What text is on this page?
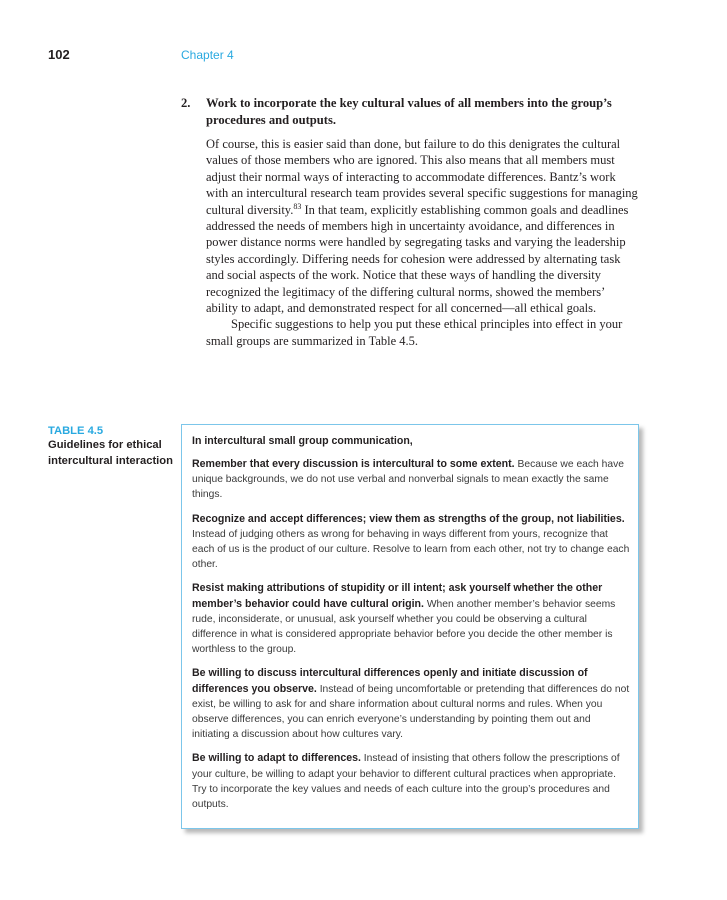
102	Chapter 4
2.	Work to incorporate the key cultural values of all members into the group’s procedures and outputs.

Of course, this is easier said than done, but failure to do this denigrates the cultural values of those members who are ignored. This also means that all members must adjust their normal ways of interacting to accommodate differences. Bantz’s work with an intercultural research team provides several specific suggestions for managing cultural diversity.$^{83}$ In that team, explicitly establishing common goals and deadlines addressed the needs of members high in uncertainty avoidance, and differences in power distance norms were handled by segregating tasks and varying the leadership styles accordingly. Differing needs for cohesion were addressed by alternating task and social aspects of the work. Notice that these ways of handling the diversity recognized the legitimacy of the differing cultural norms, showed the members’ ability to adapt, and demonstrated respect for all concerned—all ethical goals.

Specific suggestions to help you put these ethical principles into effect in your small groups are summarized in Table 4.5.

TABLE 4.5
Guidelines for ethical intercultural interaction

In intercultural small group communication,

Remember that every discussion is intercultural to some extent. Because we each have unique backgrounds, we do not use verbal and nonverbal signals to mean exactly the same things.

Recognize and accept differences; view them as strengths of the group, not liabilities. Instead of judging others as wrong for behaving in ways different from yours, recognize that each of us is the product of our culture. Resolve to learn from each other, not try to change each other.

Resist making attributions of stupidity or ill intent; ask yourself whether the other member’s behavior could have cultural origin. When another member’s behavior seems rude, inconsiderate, or unusual, ask yourself whether you could be observing a cultural difference in what is considered appropriate behavior before you decide the other member is worthless to the group.

Be willing to discuss intercultural differences openly and initiate discussion of differences you observe. Instead of being uncomfortable or pretending that differences do not exist, be willing to ask for and share information about cultural norms and rules. When you observe differences, you can enrich everyone’s understanding by pointing them out and initiating a discussion about how cultures vary.

Be willing to adapt to differences. Instead of insisting that others follow the prescriptions of your culture, be willing to adapt your behavior to different cultural practices when appropriate. Try to incorporate the key values and needs of each culture into the group’s procedures and outputs.
